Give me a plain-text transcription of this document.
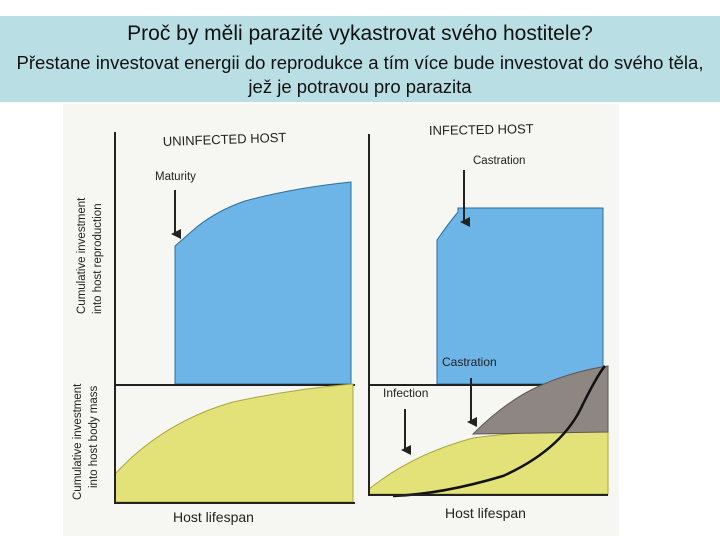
Proč by měli parazité vykastrovat svého hostitele?
Přestane investovat energii do reprodukce a tím více bude investovat do svého těla, jež je potravou pro parazita
UNINFECTED HOST
Maturity
INFECTED HOST
Castration
Host lifespan
Castration
Infection
Host lifespan
Cumulative investment into host reproduction
Cumulative investment into host body mass
